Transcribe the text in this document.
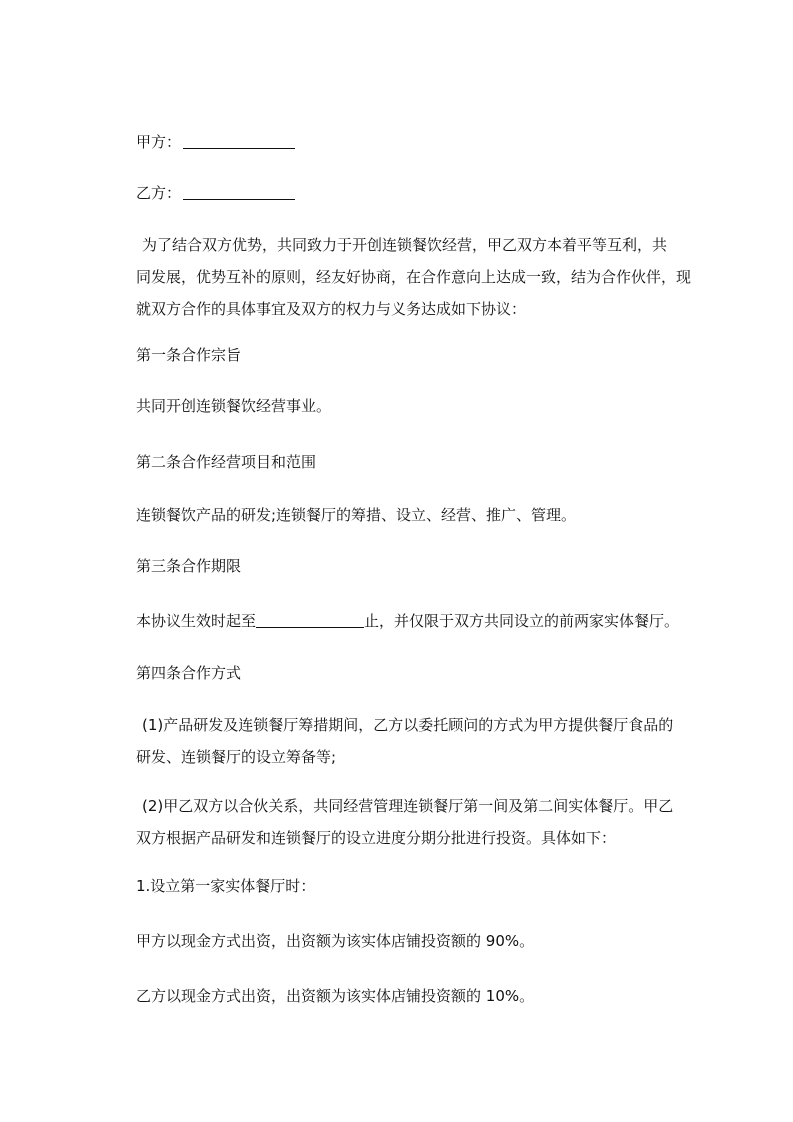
甲方：
乙方：
为了结合双方优势，共同致力于开创连锁餐饮经营，甲乙双方本着平等互利，共
同发展，优势互补的原则，经友好协商，在合作意向上达成一致，结为合作伙伴，现
就双方合作的具体事宜及双方的权力与义务达成如下协议：
第一条合作宗旨
共同开创连锁餐饮经营事业。
第二条合作经营项目和范围
连锁餐饮产品的研发;连锁餐厅的筹措、设立、经营、推广、管理。
第三条合作期限
本协议生效时起至	止，并仅限于双方共同设立的前两家实体餐厅。
第四条合作方式
(1)产品研发及连锁餐厅筹措期间，乙方以委托顾问的方式为甲方提供餐厅食品的
研发、连锁餐厅的设立筹备等;
(2)甲乙双方以合伙关系，共同经营管理连锁餐厅第一间及第二间实体餐厅。甲乙
双方根据产品研发和连锁餐厅的设立进度分期分批进行投资。具体如下：
1.设立第一家实体餐厅时：
甲方以现金方式出资，出资额为该实体店铺投资额的 90%。
乙方以现金方式出资，出资额为该实体店铺投资额的 10%。
